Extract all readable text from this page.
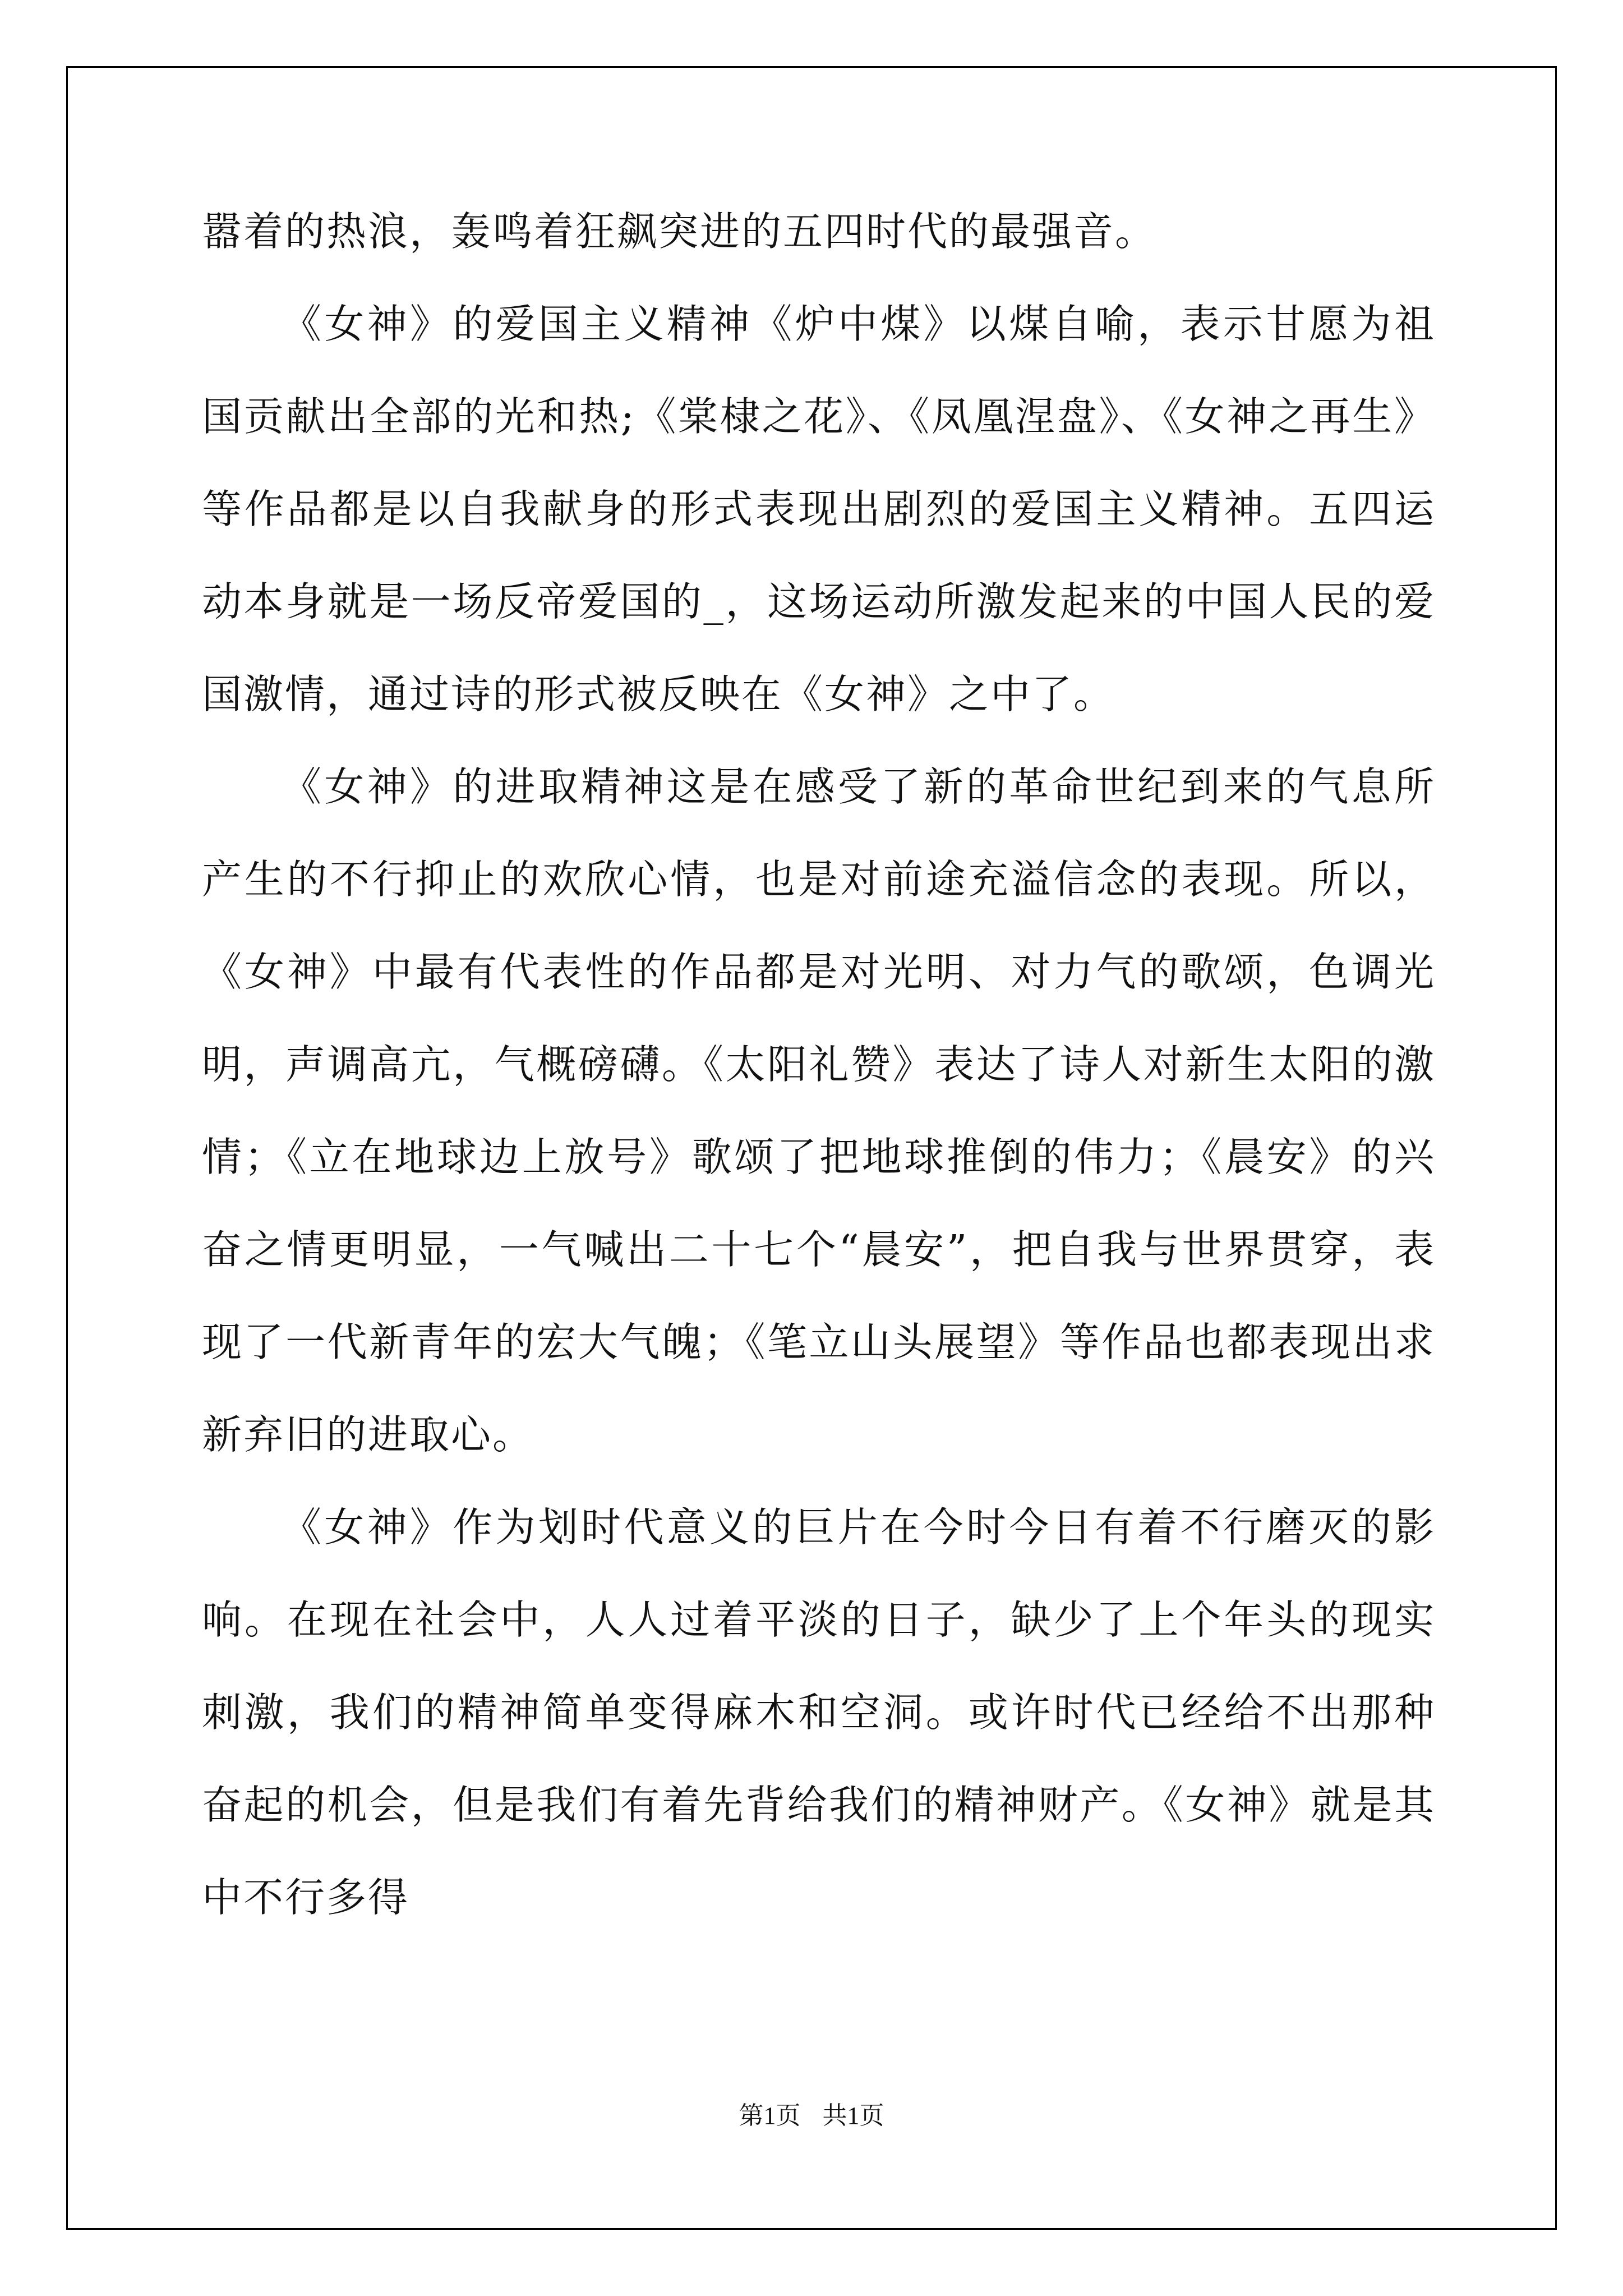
嚣着的热浪，轰鸣着狂飙突进的五四时代的最强音。

《女神》的爱国主义精神《炉中煤》以煤自喻，表示甘愿为祖国贡献出全部的光和热;《棠棣之花》、《凤凰涅盘》、《女神之再生》等作品都是以自我献身的形式表现出剧烈的爱国主义精神。五四运动本身就是一场反帝爱国的_，这场运动所激发起来的中国人民的爱国激情，通过诗的形式被反映在《女神》之中了。

《女神》的进取精神这是在感受了新的革命世纪到来的气息所产生的不行抑止的欢欣心情，也是对前途充溢信念的表现。所以，《女神》中最有代表性的作品都是对光明、对力气的歌颂，色调光明，声调高亢，气概磅礴。《太阳礼赞》表达了诗人对新生太阳的激情；《立在地球边上放号》歌颂了把地球推倒的伟力；《晨安》的兴奋之情更明显，一气喊出二十七个“晨安”，把自我与世界贯穿，表现了一代新青年的宏大气魄；《笔立山头展望》等作品也都表现出求新弃旧的进取心。

《女神》作为划时代意义的巨片在今时今日有着不行磨灭的影响。在现在社会中，人人过着平淡的日子，缺少了上个年头的现实刺激，我们的精神简单变得麻木和空洞。或许时代已经给不出那种奋起的机会，但是我们有着先背给我们的精神财产。《女神》就是其中不行多得

第1页 共1页
